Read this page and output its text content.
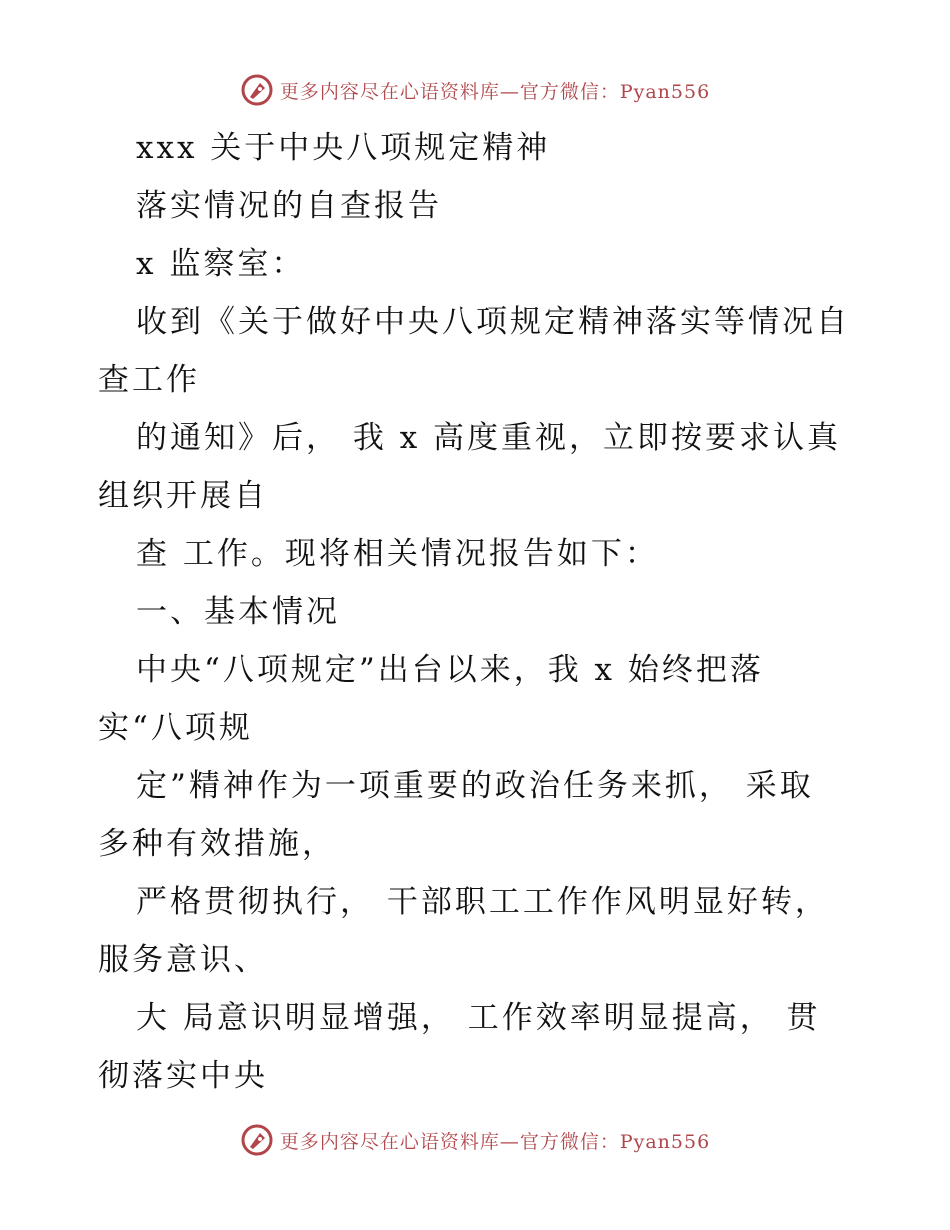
更多内容尽在心语资料库—官方微信：Pyan556
xxx 关于中央八项规定精神
落实情况的自查报告
x 监察室：
收到《关于做好中央八项规定精神落实等情况自
查工作
的通知》后， 我 x 高度重视，立即按要求认真
组织开展自
查 工作。现将相关情况报告如下：
一、基本情况
中央“八项规定”出台以来，我 x 始终把落
实“八项规
定”精神作为一项重要的政治任务来抓， 采取
多种有效措施，
严格贯彻执行， 干部职工工作作风明显好转，
服务意识、
大 局意识明显增强， 工作效率明显提高， 贯
彻落实中央
更多内容尽在心语资料库—官方微信：Pyan556
